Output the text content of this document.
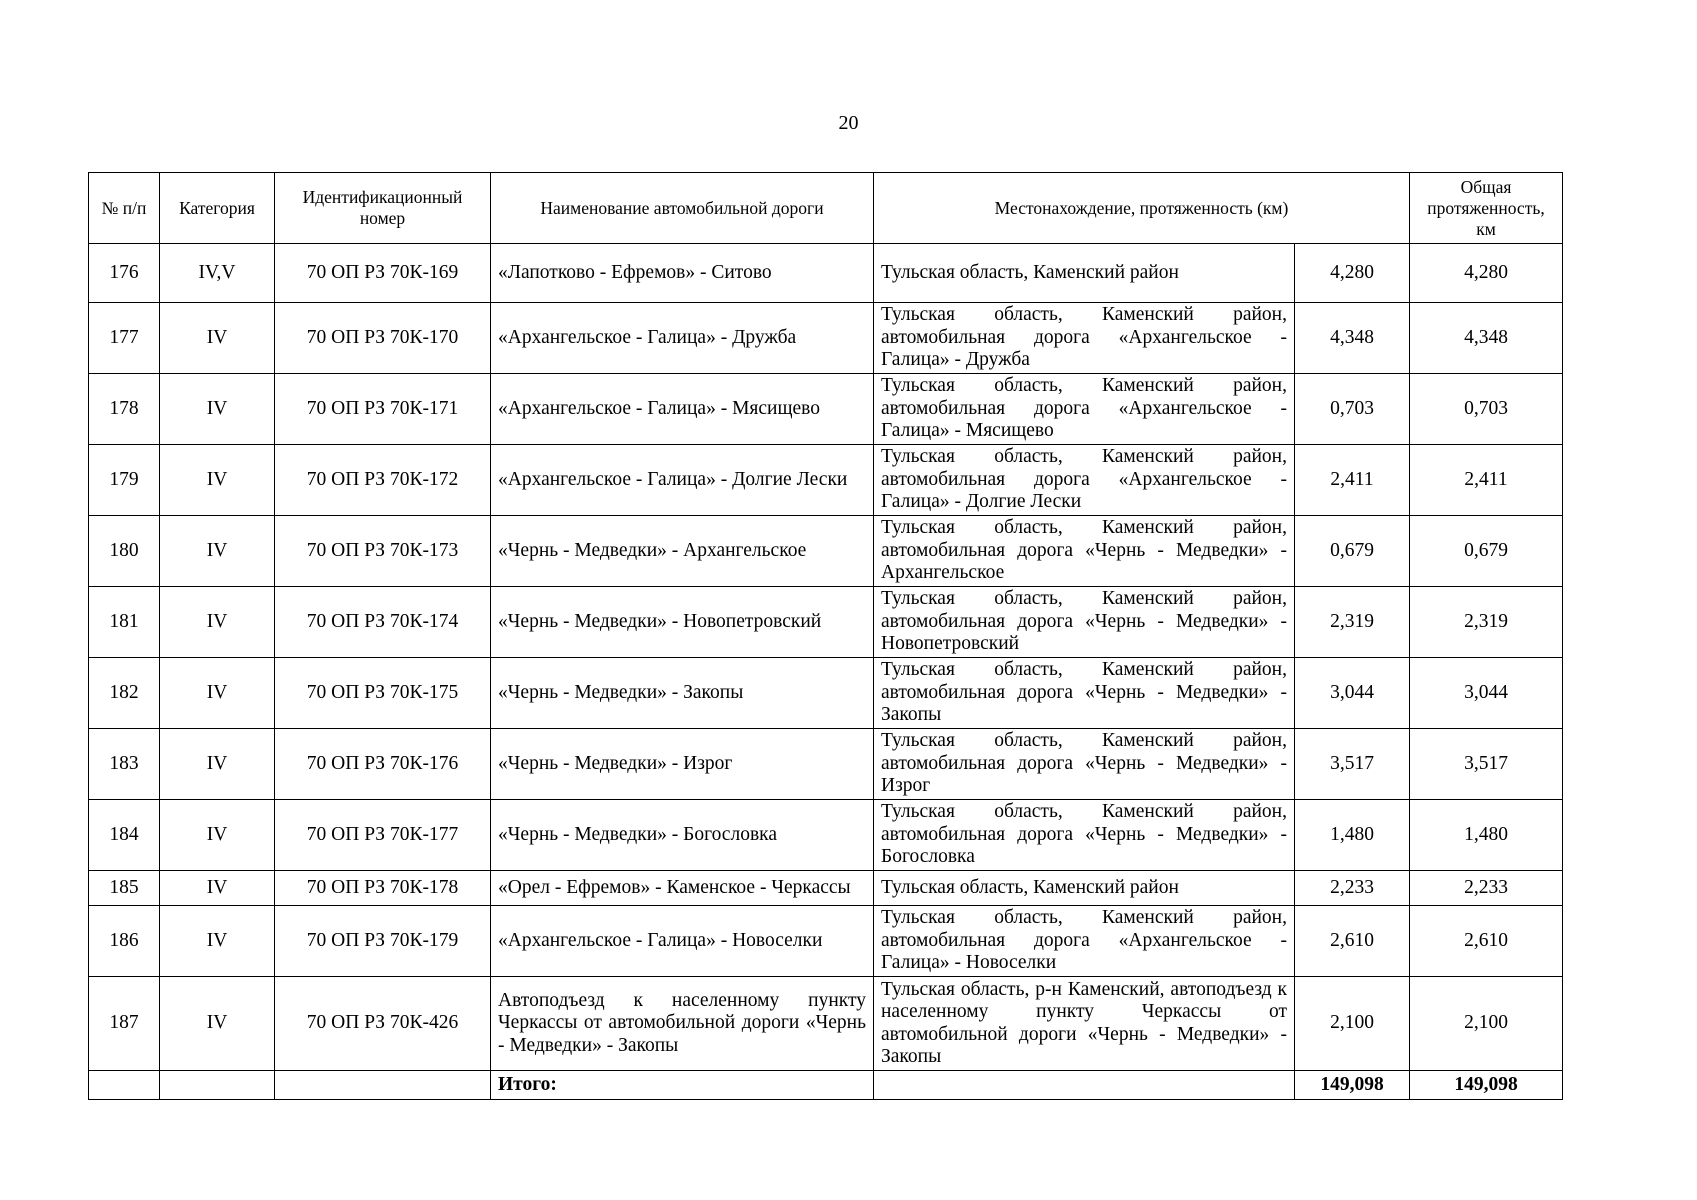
20
№ п/п	Категория	Идентификационный номер	Наименование автомобильной дороги	Местонахождение, протяженность (км)		Общая протяженность, км
176	IV,V	70 ОП РЗ 70К-169	«Лапотково - Ефремов» - Ситово	Тульская область, Каменский район	4,280	4,280
177	IV	70 ОП РЗ 70К-170	«Архангельское - Галица» - Дружба	Тульская область, Каменский район, автомобильная дорога «Архангельское - Галица» - Дружба	4,348	4,348
178	IV	70 ОП РЗ 70К-171	«Архангельское - Галица» - Мясищево	Тульская область, Каменский район, автомобильная дорога «Архангельское - Галица» - Мясищево	0,703	0,703
179	IV	70 ОП РЗ 70К-172	«Архангельское - Галица» - Долгие Лески	Тульская область, Каменский район, автомобильная дорога «Архангельское - Галица» - Долгие Лески	2,411	2,411
180	IV	70 ОП РЗ 70К-173	«Чернь - Медведки» - Архангельское	Тульская область, Каменский район, автомобильная дорога «Чернь - Медведки» - Архангельское	0,679	0,679
181	IV	70 ОП РЗ 70К-174	«Чернь - Медведки» - Новопетровский	Тульская область, Каменский район, автомобильная дорога «Чернь - Медведки» - Новопетровский	2,319	2,319
182	IV	70 ОП РЗ 70К-175	«Чернь - Медведки» - Закопы	Тульская область, Каменский район, автомобильная дорога «Чернь - Медведки» - Закопы	3,044	3,044
183	IV	70 ОП РЗ 70К-176	«Чернь - Медведки» - Изрог	Тульская область, Каменский район, автомобильная дорога «Чернь - Медведки» - Изрог	3,517	3,517
184	IV	70 ОП РЗ 70К-177	«Чернь - Медведки» - Богословка	Тульская область, Каменский район, автомобильная дорога «Чернь - Медведки» - Богословка	1,480	1,480
185	IV	70 ОП РЗ 70К-178	«Орел - Ефремов» - Каменское - Черкассы	Тульская область, Каменский район	2,233	2,233
186	IV	70 ОП РЗ 70К-179	«Архангельское - Галица» - Новоселки	Тульская область, Каменский район, автомобильная дорога «Архангельское - Галица» - Новоселки	2,610	2,610
187	IV	70 ОП РЗ 70К-426	Автоподъезд к населенному пункту Черкассы от автомобильной дороги «Чернь - Медведки» - Закопы	Тульская область, р-н Каменский, автоподъезд к населенному пункту Черкассы от автомобильной дороги «Чернь - Медведки» - Закопы	2,100	2,100
			Итого:		149,098	149,098
